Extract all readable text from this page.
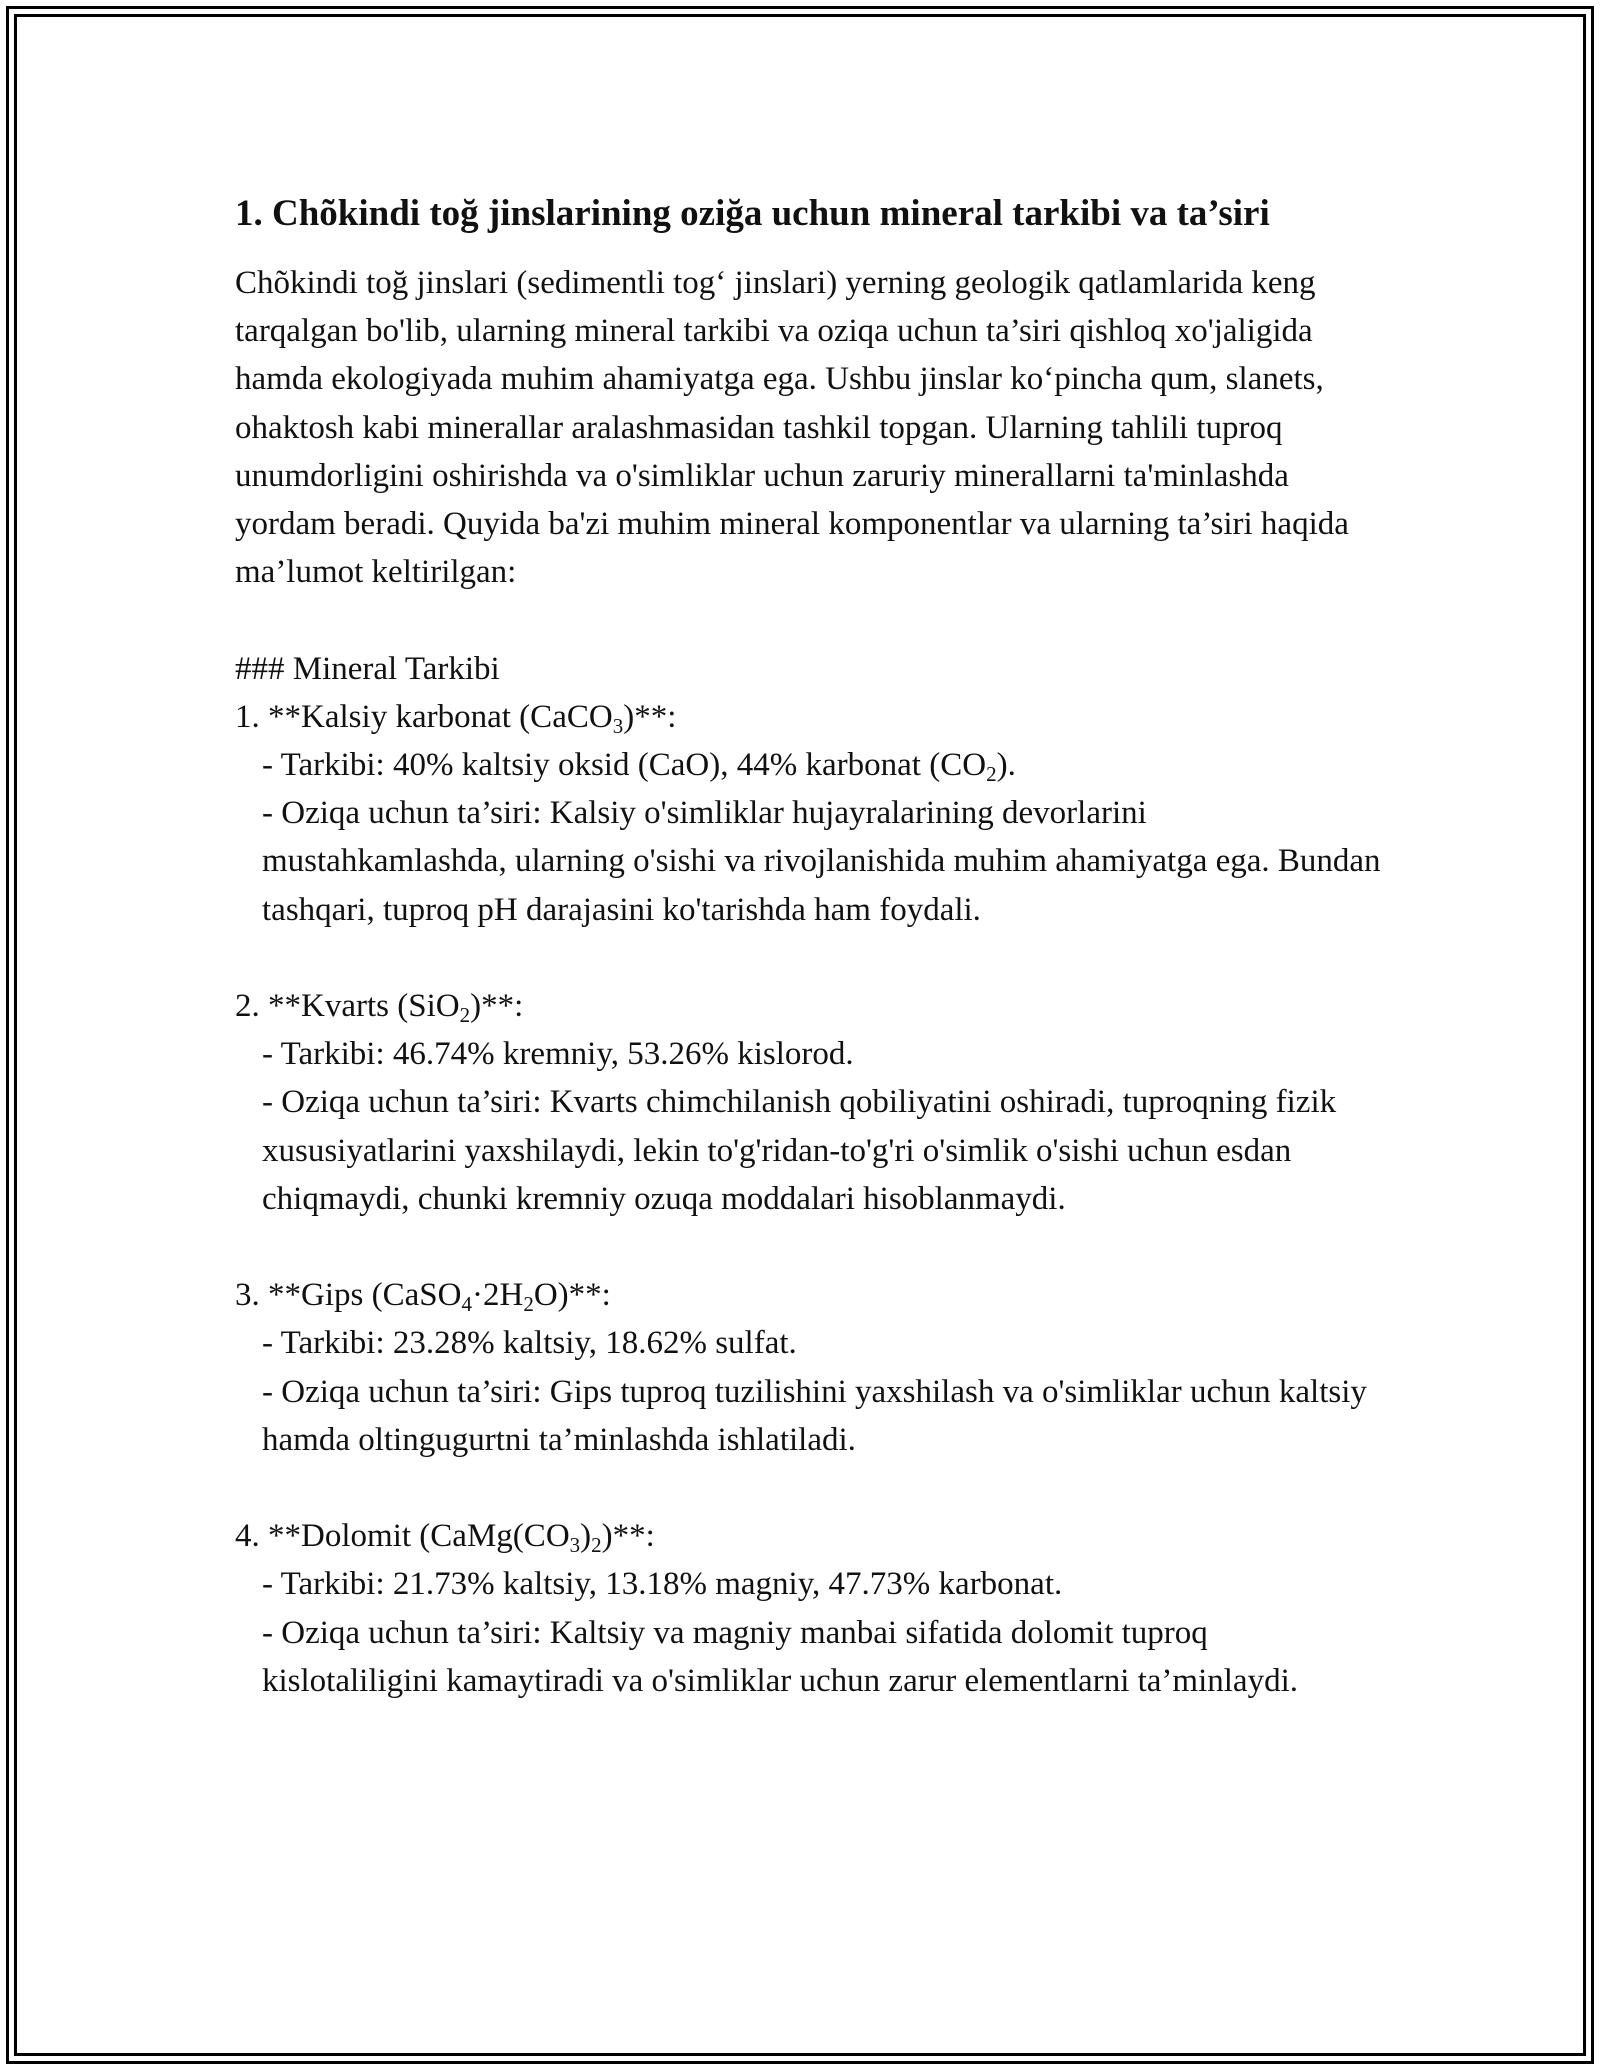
1. Chõkindi toğ jinslarining oziğa uchun mineral tarkibi va ta’siri

Chõkindi toğ jinslari (sedimentli tog‘ jinslari) yerning geologik qatlamlarida keng tarqalgan bo'lib, ularning mineral tarkibi va oziqa uchun ta’siri qishloq xo'jaligida hamda ekologiyada muhim ahamiyatga ega. Ushbu jinslar ko‘pincha qum, slanets, ohaktosh kabi minerallar aralashmasidan tashkil topgan. Ularning tahlili tuproq unumdorligini oshirishda va o'simliklar uchun zaruriy minerallarni ta'minlashda yordam beradi. Quyida ba'zi muhim mineral komponentlar va ularning ta’siri haqida ma’lumot keltirilgan:

### Mineral Tarkibi
1. **Kalsiy karbonat (CaCO$_3$)**:
- Tarkibi: 40% kaltsiy oksid (CaO), 44% karbonat $(CO_2)$.
- Oziqa uchun ta’siri: Kalsiy o'simliklar hujayralarining devorlarini mustahkamlashda, ularning o'sishi va rivojlanishida muhim ahamiyatga ega. Bundan tashqari, tuproq pH darajasini ko'tarishda ham foydali.
2. **Kvarts (SiO$_2$)**:
- Tarkibi: 46.74% kremniy, 53.26% kislorod.
- Oziqa uchun ta’siri: Kvarts chimchilanish qobiliyatini oshiradi, tuproqning fizik xususiyatlarini yaxshilaydi, lekin to'g'ridan-to'g'ri o'simlik o'sishi uchun esdan chiqmaydi, chunki kremniy ozuqa moddalari hisoblanmaydi.
3. **Gips $(CaSO_4\cdot 2H_2O)**$:
- Tarkibi: 23.28% kaltsiy, 18.62% sulfat.
- Oziqa uchun ta’siri: Gips tuproq tuzilishini yaxshilash va o'simliklar uchun kaltsiy hamda oltingugurtni ta’minlashda ishlatiladi.
4. **Dolomit $(CaMg(CO_3)_2)**$:
- Tarkibi: 21.73% kaltsiy, 13.18% magniy, 47.73% karbonat.
- Oziqa uchun ta’siri: Kaltsiy va magniy manbai sifatida dolomit tuproq kislotaliligini kamaytiradi va o'simliklar uchun zarur elementlarni ta’minlaydi.
